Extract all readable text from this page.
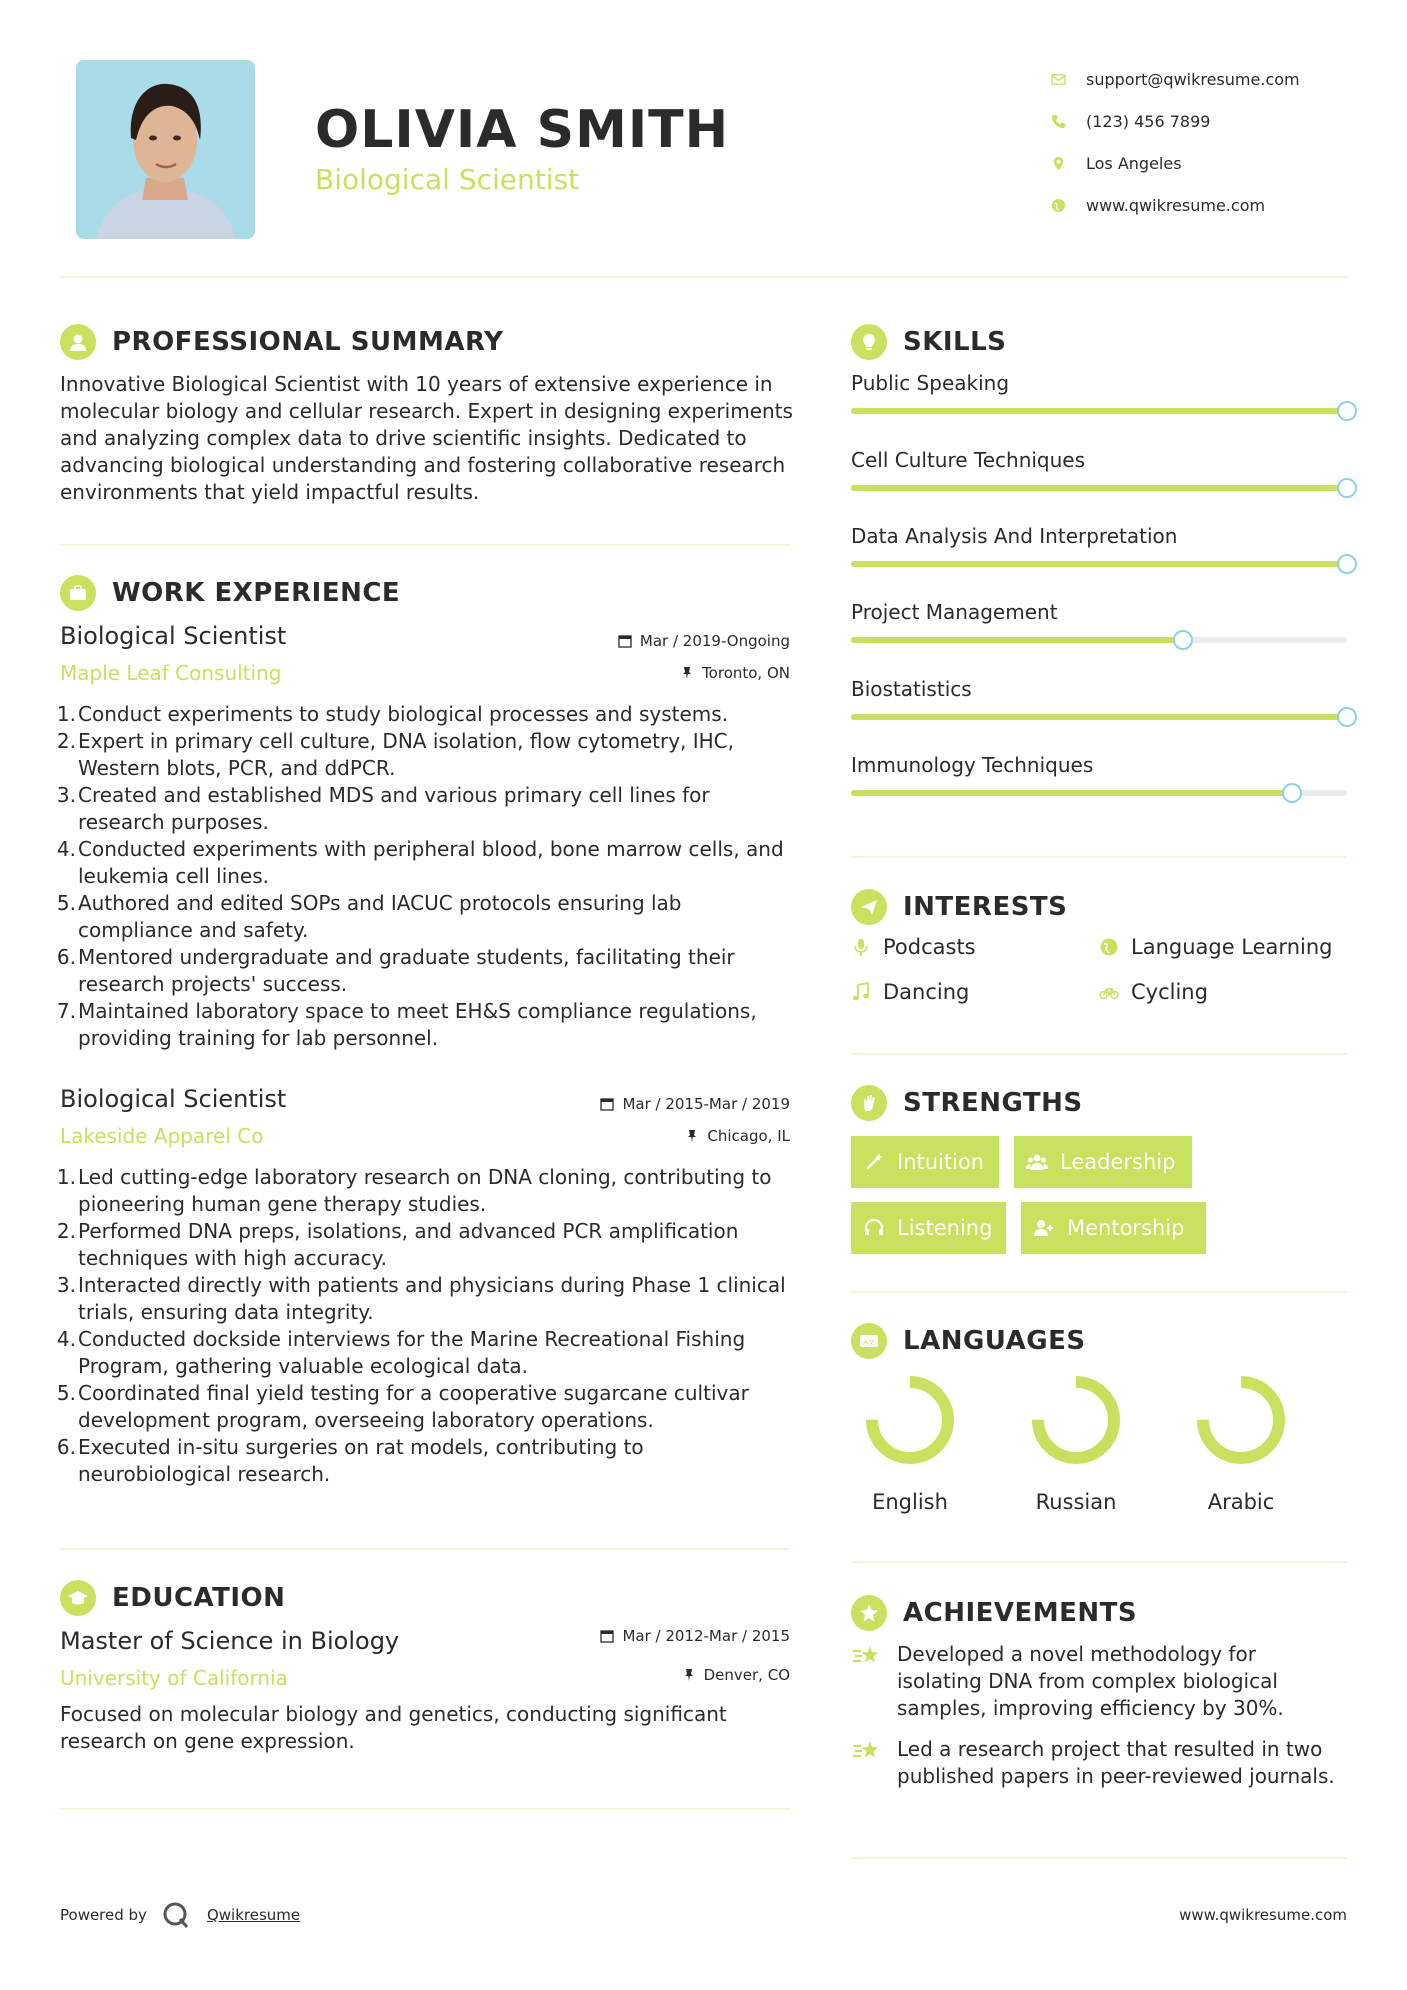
OLIVIA SMITH
Biological Scientist
support@qwikresume.com
(123) 456 7899
Los Angeles
www.qwikresume.com
PROFESSIONAL SUMMARY
Innovative Biological Scientist with 10 years of extensive experience in molecular biology and cellular research. Expert in designing experiments and analyzing complex data to drive scientific insights. Dedicated to advancing biological understanding and fostering collaborative research environments that yield impactful results.
WORK EXPERIENCE
Biological Scientist
Maple Leaf Consulting
Mar / 2019-Ongoing
Toronto, ON
1. Conduct experiments to study biological processes and systems.
2. Expert in primary cell culture, DNA isolation, flow cytometry, IHC, Western blots, PCR, and ddPCR.
3. Created and established MDS and various primary cell lines for research purposes.
4. Conducted experiments with peripheral blood, bone marrow cells, and leukemia cell lines.
5. Authored and edited SOPs and IACUC protocols ensuring lab compliance and safety.
6. Mentored undergraduate and graduate students, facilitating their research projects' success.
7. Maintained laboratory space to meet EH&S compliance regulations, providing training for lab personnel.
Biological Scientist
Lakeside Apparel Co
Mar / 2015-Mar / 2019
Chicago, IL
1. Led cutting-edge laboratory research on DNA cloning, contributing to pioneering human gene therapy studies.
2. Performed DNA preps, isolations, and advanced PCR amplification techniques with high accuracy.
3. Interacted directly with patients and physicians during Phase 1 clinical trials, ensuring data integrity.
4. Conducted dockside interviews for the Marine Recreational Fishing Program, gathering valuable ecological data.
5. Coordinated final yield testing for a cooperative sugarcane cultivar development program, overseeing laboratory operations.
6. Executed in-situ surgeries on rat models, contributing to neurobiological research.
EDUCATION
Master of Science in Biology
University of California
Mar / 2012-Mar / 2015
Denver, CO
Focused on molecular biology and genetics, conducting significant research on gene expression.
SKILLS
Public Speaking
Cell Culture Techniques
Data Analysis And Interpretation
Project Management
Biostatistics
Immunology Techniques
INTERESTS
Podcasts	Language Learning
Dancing	Cycling
STRENGTHS
Intuition	Leadership
Listening	Mentorship
A文 LANGUAGES
English	Russian	Arabic
ACHIEVEMENTS
Developed a novel methodology for isolating DNA from complex biological samples, improving efficiency by 30%.
Led a research project that resulted in two published papers in peer-reviewed journals.
Powered by	Qwikresume	www.qwikresume.com
